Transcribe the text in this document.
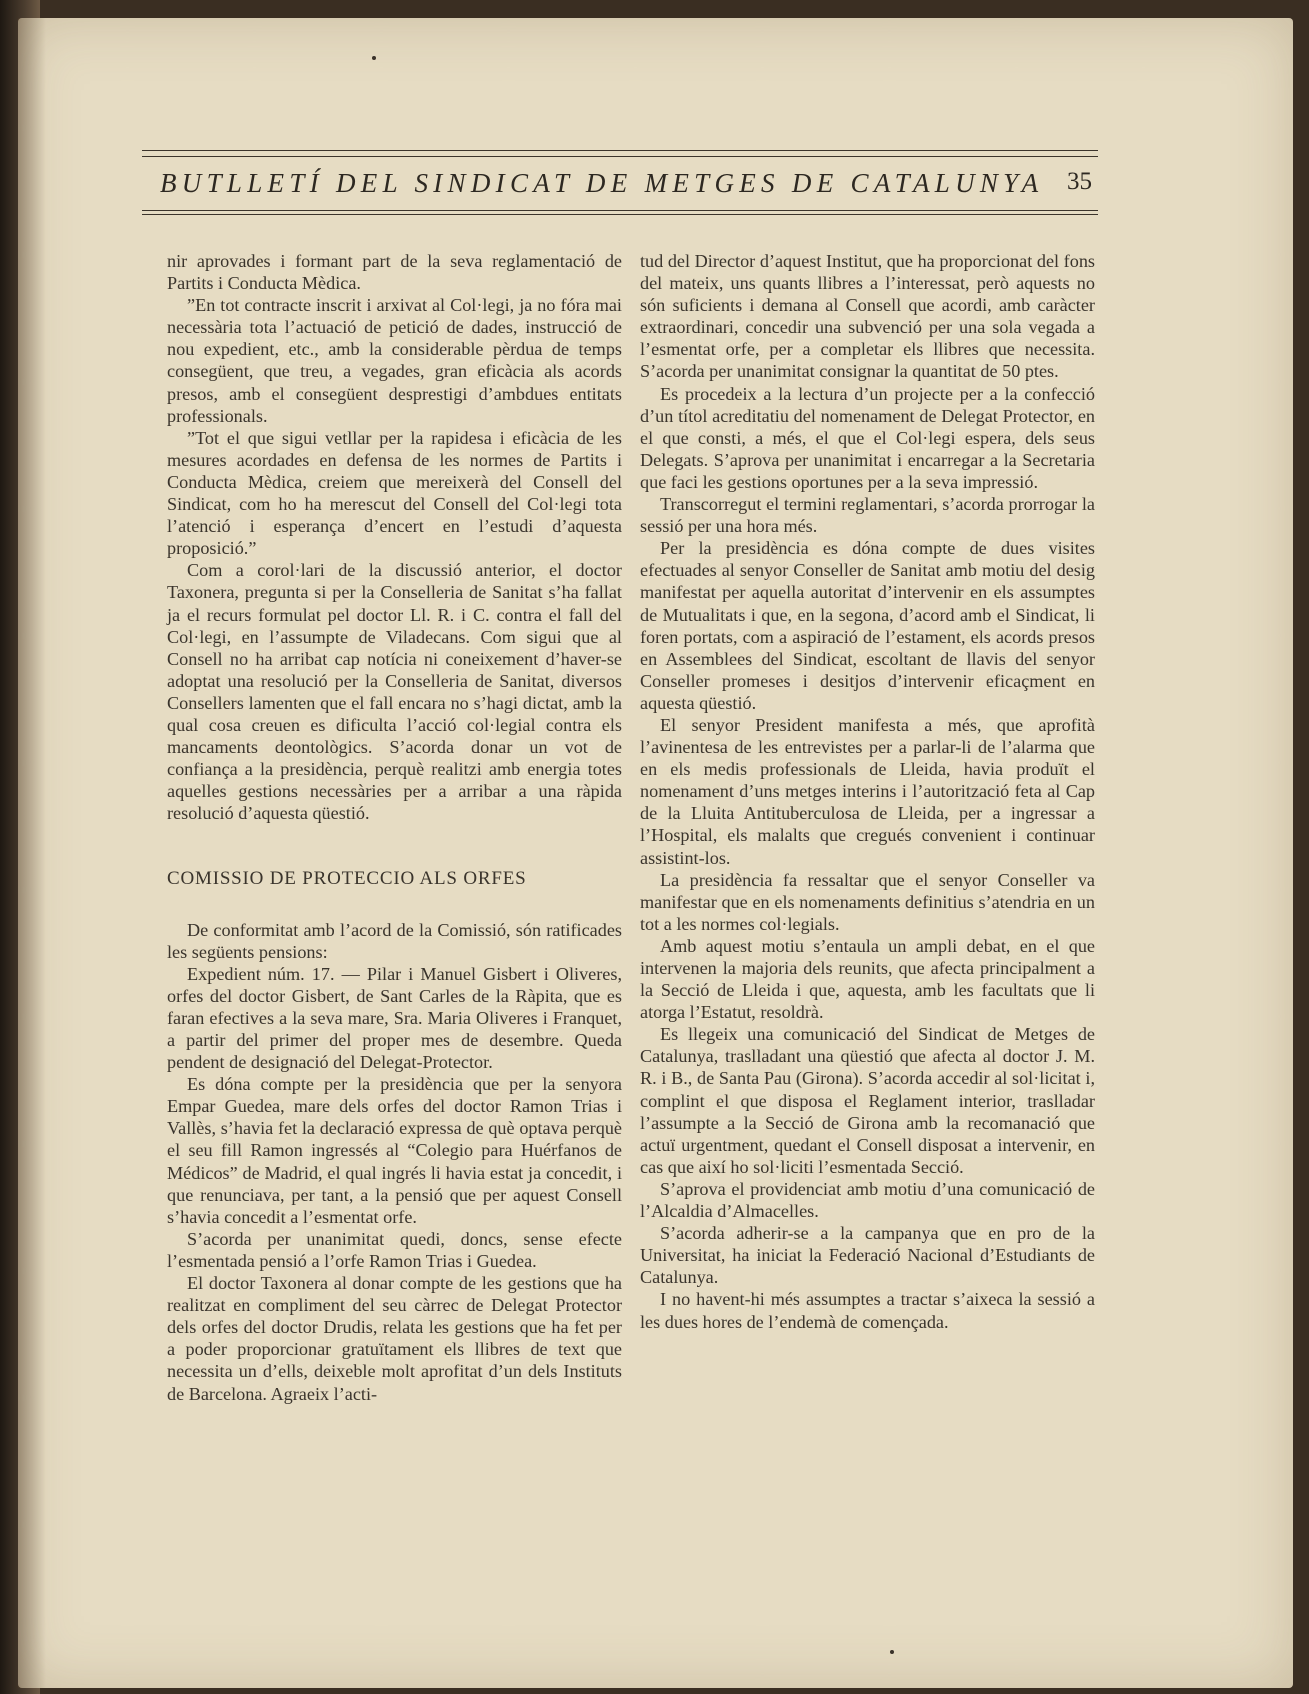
BUTLLETÍ DEL SINDICAT DE METGES DE CATALUNYA 35

nir aprovades i formant part de la seva reglamentació de Partits i Conducta Mèdica.

”En tot contracte inscrit i arxivat al Col·legi, ja no fóra mai necessària tota l’actuació de petició de dades, instrucció de nou expedient, etc., amb la considerable pèrdua de temps consegüent, que treu, a vegades, gran eficàcia als acords presos, amb el consegüent desprestigi d’ambdues entitats professionals.

”Tot el que sigui vetllar per la rapidesa i eficàcia de les mesures acordades en defensa de les normes de Partits i Conducta Mèdica, creiem que mereixerà del Consell del Sindicat, com ho ha merescut del Consell del Col·legi tota l’atenció i esperança d’encert en l’estudi d’aquesta proposició.”

Com a corol·lari de la discussió anterior, el doctor Taxonera, pregunta si per la Conselleria de Sanitat s’ha fallat ja el recurs formulat pel doctor Ll. R. i C. contra el fall del Col·legi, en l’assumpte de Viladecans. Com sigui que al Consell no ha arribat cap notícia ni coneixement d’haver-se adoptat una resolució per la Conselleria de Sanitat, diversos Consellers lamenten que el fall encara no s’hagi dictat, amb la qual cosa creuen es dificulta l’acció col·legial contra els mancaments deontològics. S’acorda donar un vot de confiança a la presidència, perquè realitzi amb energia totes aquelles gestions necessàries per a arribar a una ràpida resolució d’aquesta qüestió.

COMISSIO DE PROTECCIO ALS ORFES

De conformitat amb l’acord de la Comissió, són ratificades les següents pensions:

Expedient núm. 17. — Pilar i Manuel Gisbert i Oliveres, orfes del doctor Gisbert, de Sant Carles de la Ràpita, que es faran efectives a la seva mare, Sra. Maria Oliveres i Franquet, a partir del primer del proper mes de desembre. Queda pendent de designació del Delegat-Protector.

Es dóna compte per la presidència que per la senyora Empar Guedea, mare dels orfes del doctor Ramon Trias i Vallès, s’havia fet la declaració expressa de què optava perquè el seu fill Ramon ingressés al “Colegio para Huérfanos de Médicos” de Madrid, el qual ingrés li havia estat ja concedit, i que renunciava, per tant, a la pensió que per aquest Consell s’havia concedit a l’esmentat orfe.

S’acorda per unanimitat quedi, doncs, sense efecte l’esmentada pensió a l’orfe Ramon Trias i Guedea.

El doctor Taxonera al donar compte de les gestions que ha realitzat en compliment del seu càrrec de Delegat Protector dels orfes del doctor Drudis, relata les gestions que ha fet per a poder proporcionar gratuïtament els llibres de text que necessita un d’ells, deixeble molt aprofitat d’un dels Instituts de Barcelona. Agraeix l’acti-

tud del Director d’aquest Institut, que ha proporcionat del fons del mateix, uns quants llibres a l’interessat, però aquests no són suficients i demana al Consell que acordi, amb caràcter extraordinari, concedir una subvenció per una sola vegada a l’esmentat orfe, per a completar els llibres que necessita. S’acorda per unanimitat consignar la quantitat de 50 ptes.

Es procedeix a la lectura d’un projecte per a la confecció d’un títol acreditatiu del nomenament de Delegat Protector, en el que consti, a més, el que el Col·legi espera, dels seus Delegats. S’aprova per unanimitat i encarregar a la Secretaria que faci les gestions oportunes per a la seva impressió.

Transcorregut el termini reglamentari, s’acorda prorrogar la sessió per una hora més.

Per la presidència es dóna compte de dues visites efectuades al senyor Conseller de Sanitat amb motiu del desig manifestat per aquella autoritat d’intervenir en els assumptes de Mutualitats i que, en la segona, d’acord amb el Sindicat, li foren portats, com a aspiració de l’estament, els acords presos en Assemblees del Sindicat, escoltant de llavis del senyor Conseller promeses i desitjos d’intervenir eficaçment en aquesta qüestió.

El senyor President manifesta a més, que aprofità l’avinentesa de les entrevistes per a parlar-li de l’alarma que en els medis professionals de Lleida, havia produït el nomenament d’uns metges interins i l’autorització feta al Cap de la Lluita Antituberculosa de Lleida, per a ingressar a l’Hospital, els malalts que cregués convenient i continuar assistint-los.

La presidència fa ressaltar que el senyor Conseller va manifestar que en els nomenaments definitius s’atendria en un tot a les normes col·legials.

Amb aquest motiu s’entaula un ampli debat, en el que intervenen la majoria dels reunits, que afecta principalment a la Secció de Lleida i que, aquesta, amb les facultats que li atorga l’Estatut, resoldrà.

Es llegeix una comunicació del Sindicat de Metges de Catalunya, traslladant una qüestió que afecta al doctor J. M. R. i B., de Santa Pau (Girona). S’acorda accedir al sol·licitat i, complint el que disposa el Reglament interior, traslladar l’assumpte a la Secció de Girona amb la recomanació que actuï urgentment, quedant el Consell disposat a intervenir, en cas que així ho sol·liciti l’esmentada Secció.

S’aprova el providenciat amb motiu d’una comunicació de l’Alcaldia d’Almacelles.

S’acorda adherir-se a la campanya que en pro de la Universitat, ha iniciat la Federació Nacional d’Estudiants de Catalunya.

I no havent-hi més assumptes a tractar s’aixeca la sessió a les dues hores de l’endemà de començada.
